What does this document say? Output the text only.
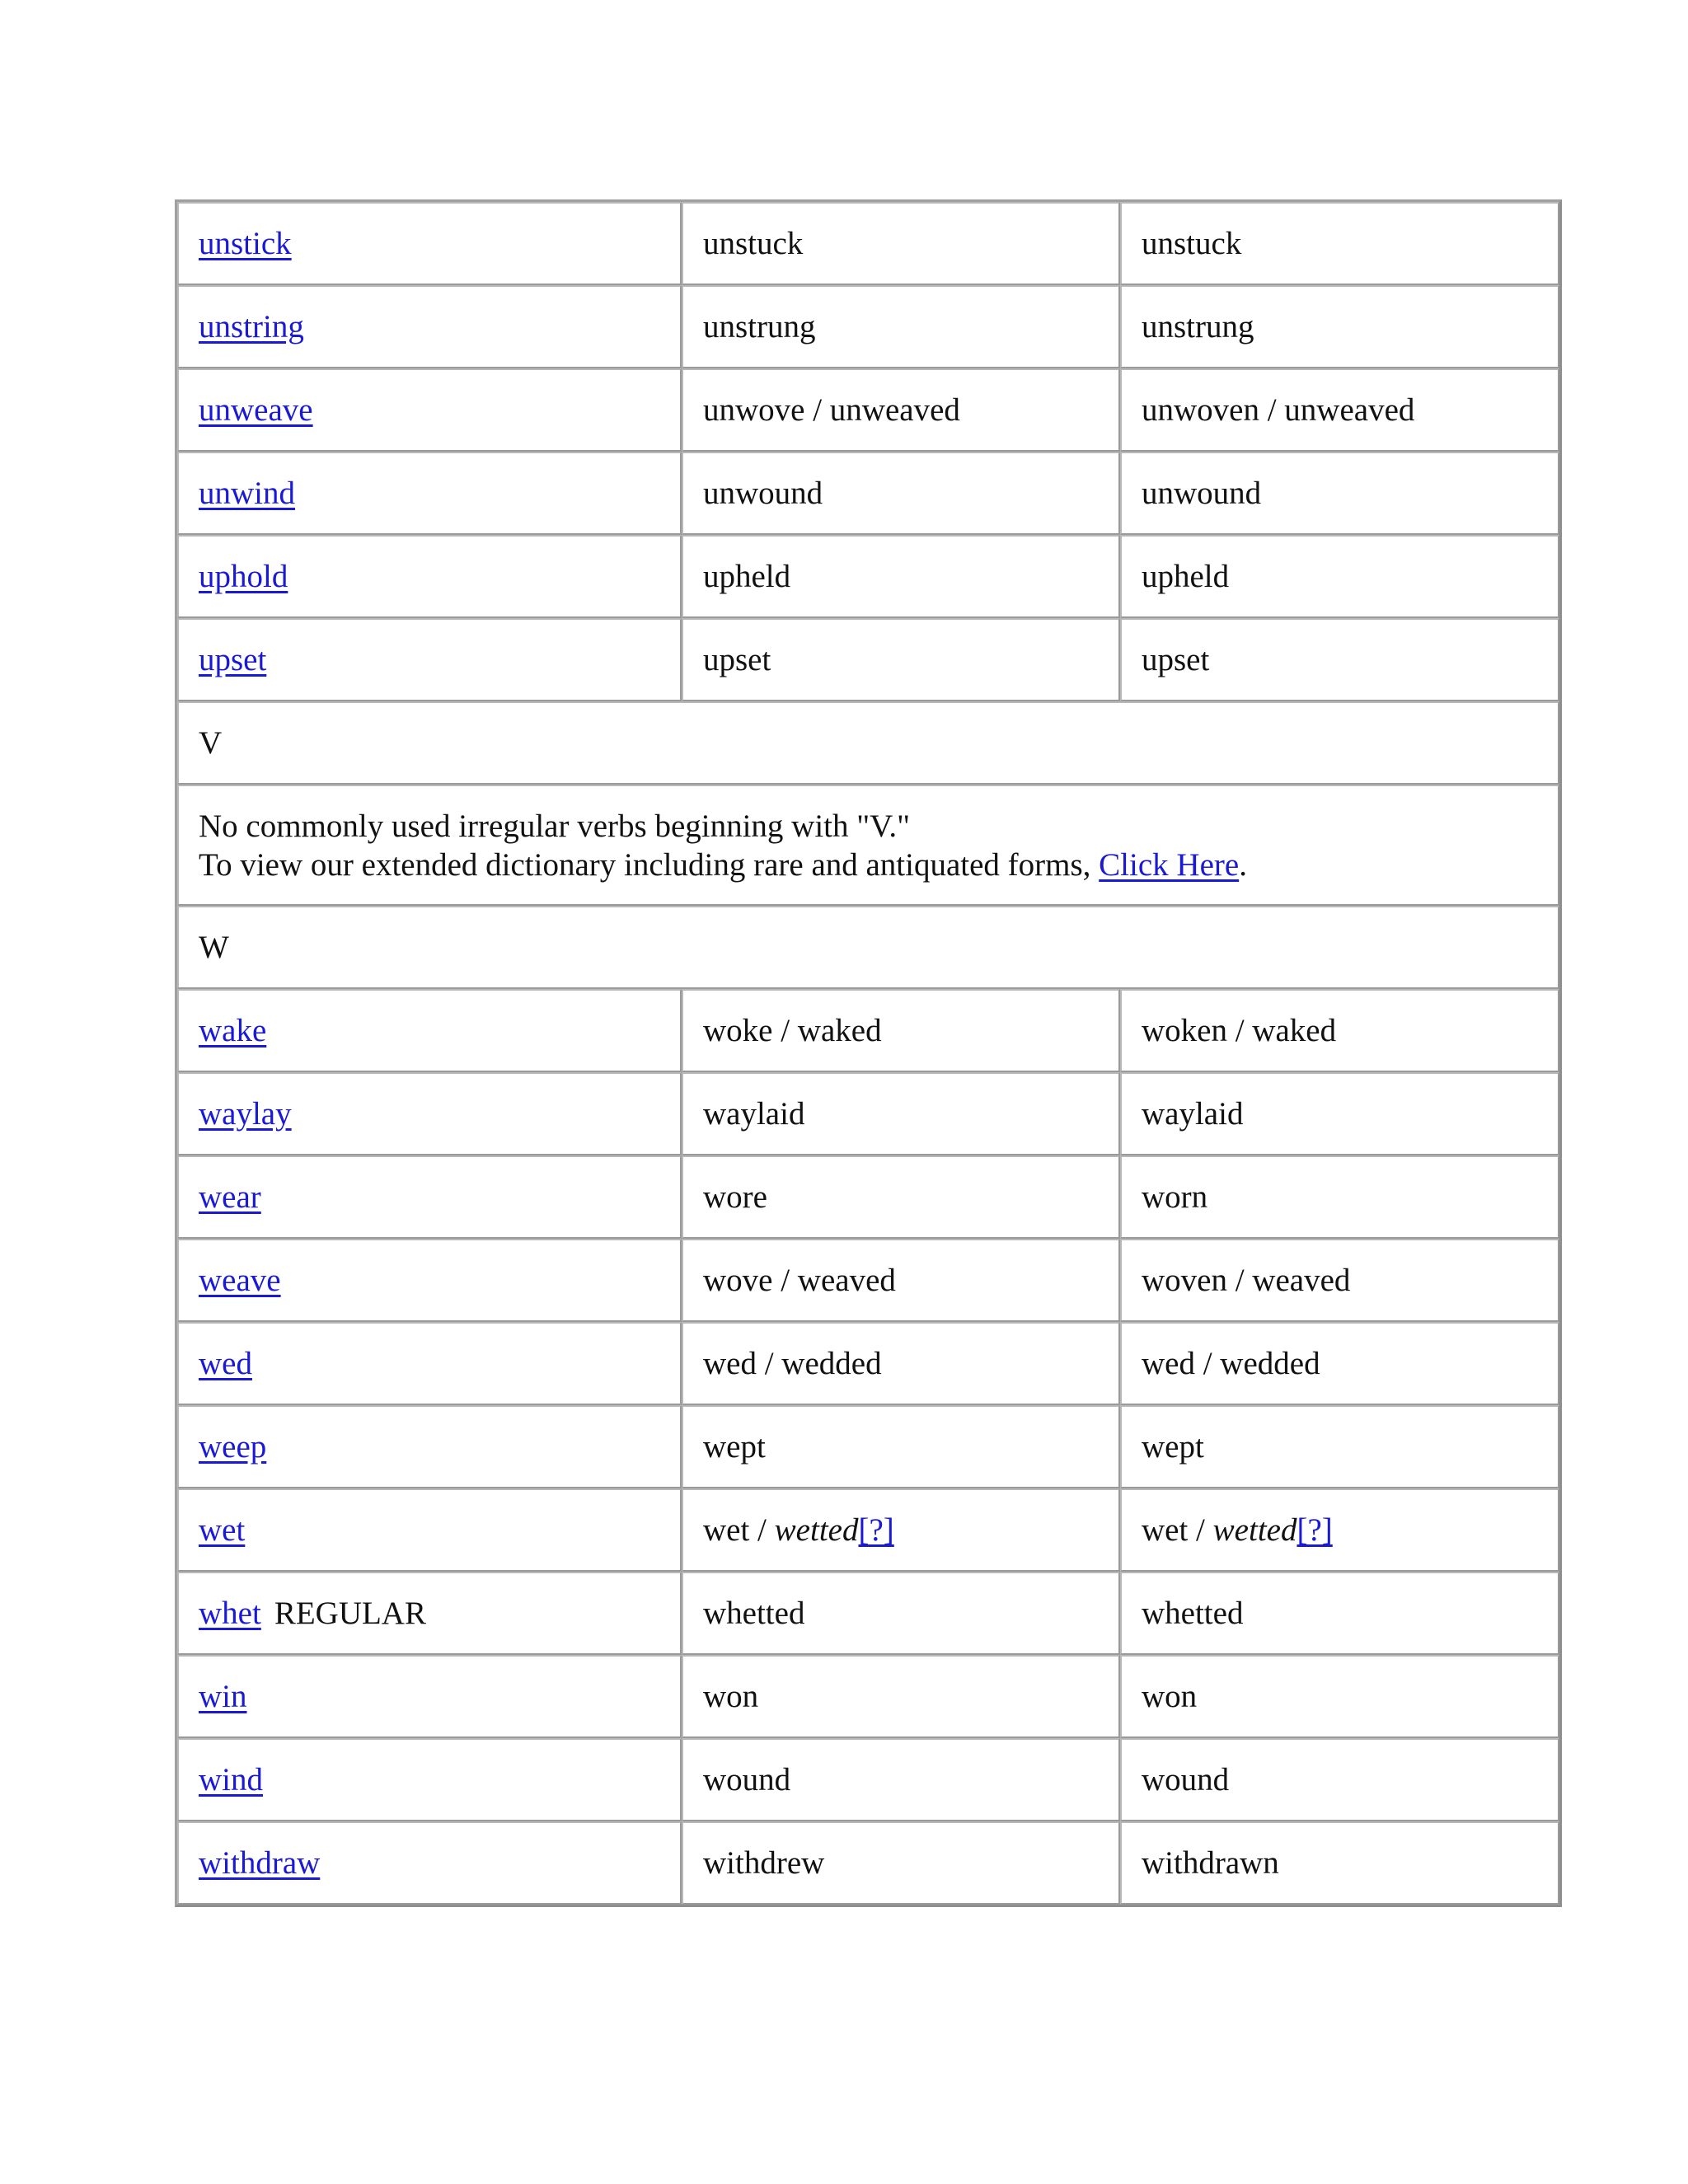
unstick	unstuck	unstuck
unstring	unstrung	unstrung
unweave	unwove / unweaved	unwoven / unweaved
unwind	unwound	unwound
uphold	upheld	upheld
upset	upset	upset
V		

No commonly used irregular verbs beginning with "V."
To view our extended dictionary including rare and antiquated forms, Click Here.		

W		
wake	woke / waked	woken / waked
waylay	waylaid	waylaid
wear	wore	worn
weave	wove / weaved	woven / weaved
wed	wed / wedded	wed / wedded
weep	wept	wept
wet	wet / wetted[?]	wet / wetted[?]
whet REGULAR	whetted	whetted
win	won	won
wind	wound	wound
withdraw	withdrew	withdrawn
